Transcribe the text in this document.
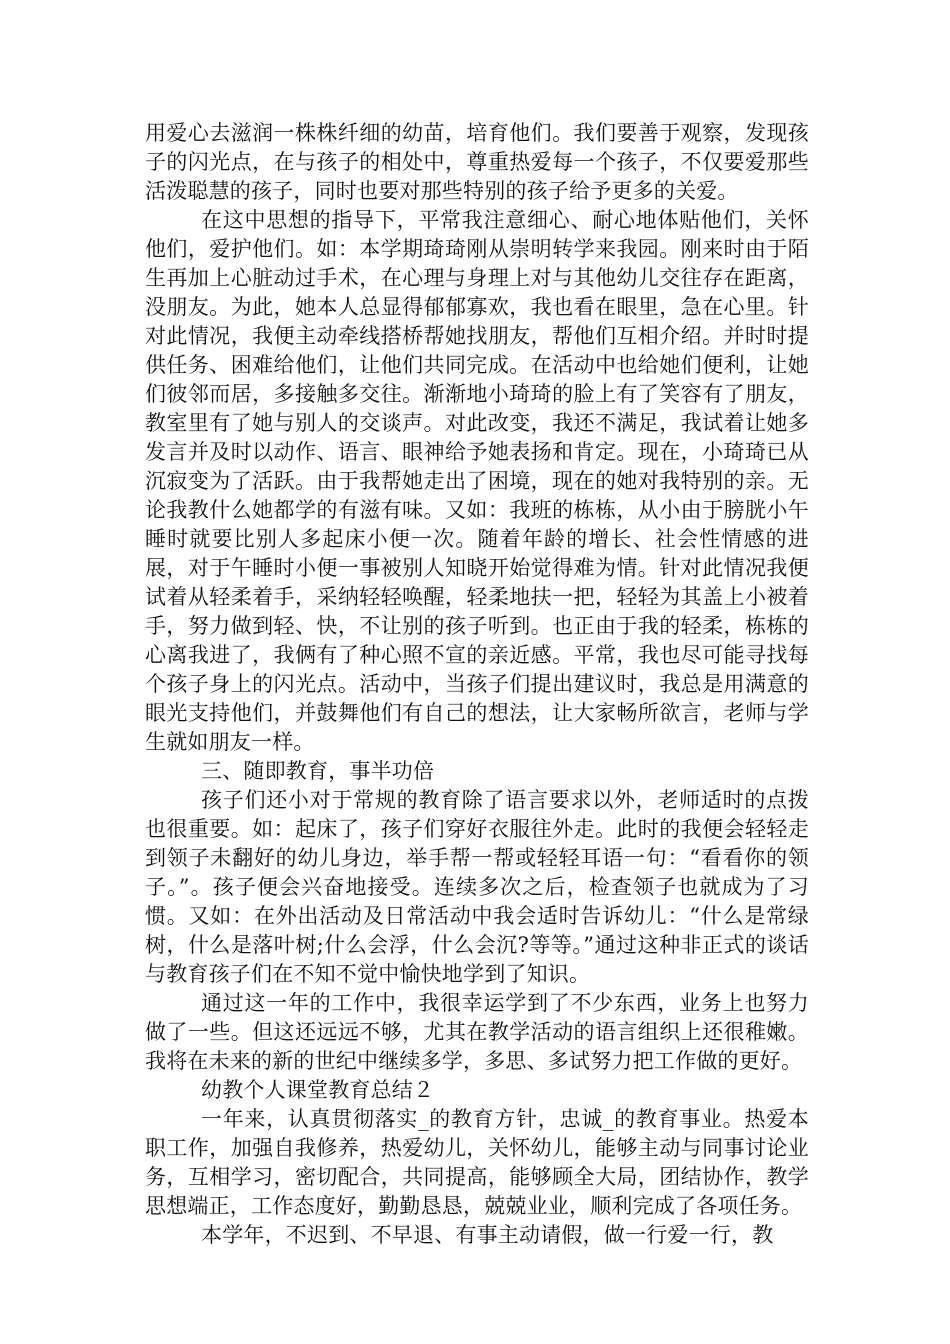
用爱心去滋润一株株纤细的幼苗，培育他们。我们要善于观察，发现孩子的闪光点，在与孩子的相处中，尊重热爱每一个孩子，不仅要爱那些活泼聪慧的孩子，同时也要对那些特别的孩子给予更多的关爱。

在这中思想的指导下，平常我注意细心、耐心地体贴他们，关怀他们，爱护他们。如：本学期琦琦刚从崇明转学来我园。刚来时由于陌生再加上心脏动过手术，在心理与身理上对与其他幼儿交往存在距离，没朋友。为此，她本人总显得郁郁寡欢，我也看在眼里，急在心里。针对此情况，我便主动牵线搭桥帮她找朋友，帮他们互相介绍。并时时提供任务、困难给他们，让他们共同完成。在活动中也给她们便利，让她们彼邻而居，多接触多交往。渐渐地小琦琦的脸上有了笑容有了朋友，教室里有了她与别人的交谈声。对此改变，我还不满足，我试着让她多发言并及时以动作、语言、眼神给予她表扬和肯定。现在，小琦琦已从沉寂变为了活跃。由于我帮她走出了困境，现在的她对我特别的亲。无论我教什么她都学的有滋有味。又如：我班的栋栋，从小由于膀胱小午睡时就要比别人多起床小便一次。随着年龄的增长、社会性情感的进展，对于午睡时小便一事被别人知晓开始觉得难为情。针对此情况我便试着从轻柔着手，采纳轻轻唤醒，轻柔地扶一把，轻轻为其盖上小被着手，努力做到轻、快，不让别的孩子听到。也正由于我的轻柔，栋栋的心离我进了，我俩有了种心照不宣的亲近感。平常，我也尽可能寻找每个孩子身上的闪光点。活动中，当孩子们提出建议时，我总是用满意的眼光支持他们，并鼓舞他们有自己的想法，让大家畅所欲言，老师与学生就如朋友一样。

三、随即教育，事半功倍

孩子们还小对于常规的教育除了语言要求以外，老师适时的点拨也很重要。如：起床了，孩子们穿好衣服往外走。此时的我便会轻轻走到领子未翻好的幼儿身边，举手帮一帮或轻轻耳语一句：“看看你的领子。”。孩子便会兴奋地接受。连续多次之后，检查领子也就成为了习惯。又如：在外出活动及日常活动中我会适时告诉幼儿：“什么是常绿树，什么是落叶树;什么会浮，什么会沉?等等。”通过这种非正式的谈话与教育孩子们在不知不觉中愉快地学到了知识。

通过这一年的工作中，我很幸运学到了不少东西，业务上也努力做了一些。但这还远远不够，尤其在教学活动的语言组织上还很稚嫩。我将在未来的新的世纪中继续多学，多思、多试努力把工作做的更好。

幼教个人课堂教育总结２

一年来，认真贯彻落实_的教育方针，忠诚_的教育事业。热爱本职工作，加强自我修养，热爱幼儿，关怀幼儿，能够主动与同事讨论业务，互相学习，密切配合，共同提高，能够顾全大局，团结协作，教学思想端正，工作态度好，勤勤恳恳，兢兢业业，顺利完成了各项任务。

本学年，不迟到、不早退、有事主动请假，做一行爱一行，教
